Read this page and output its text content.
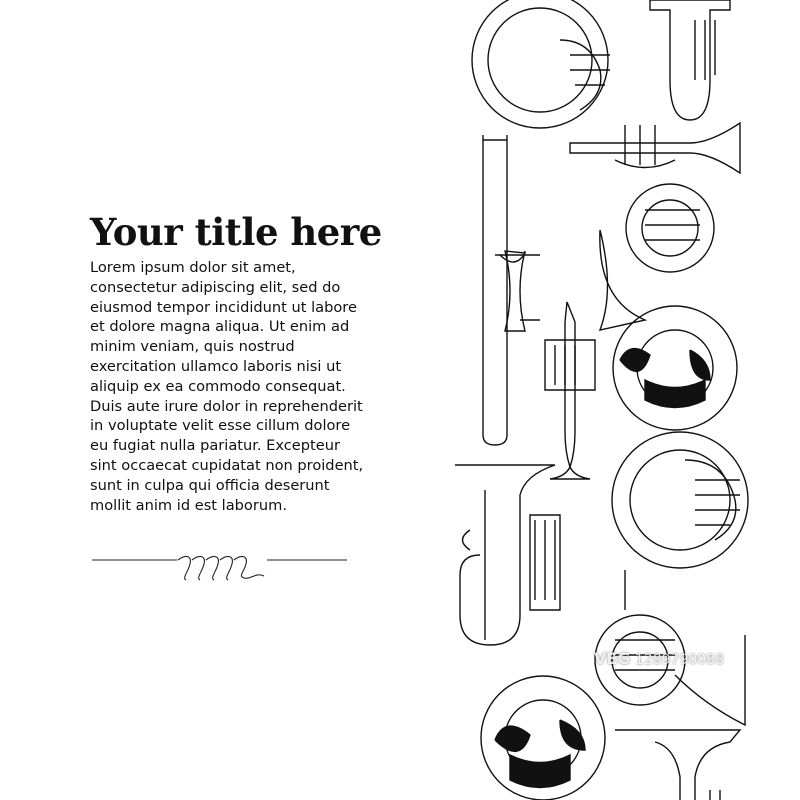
Your title here
Lorem ipsum dolor sit amet, consectetur adipiscing elit, sed do eiusmod tempor incididunt ut labore et dolore magna aliqua. Ut enim ad minim veniam, quis nostrud exercitation ullamco laboris nisi ut aliquip ex ea commodo consequat. Duis aute irure dolor in reprehenderit in voluptate velit esse cillum dolore eu fugiat nulla pariatur. Excepteur sint occaecat cupidatat non proident, sunt in culpa qui officia deserunt mollit anim id est laborum.
VEG 1289790088
